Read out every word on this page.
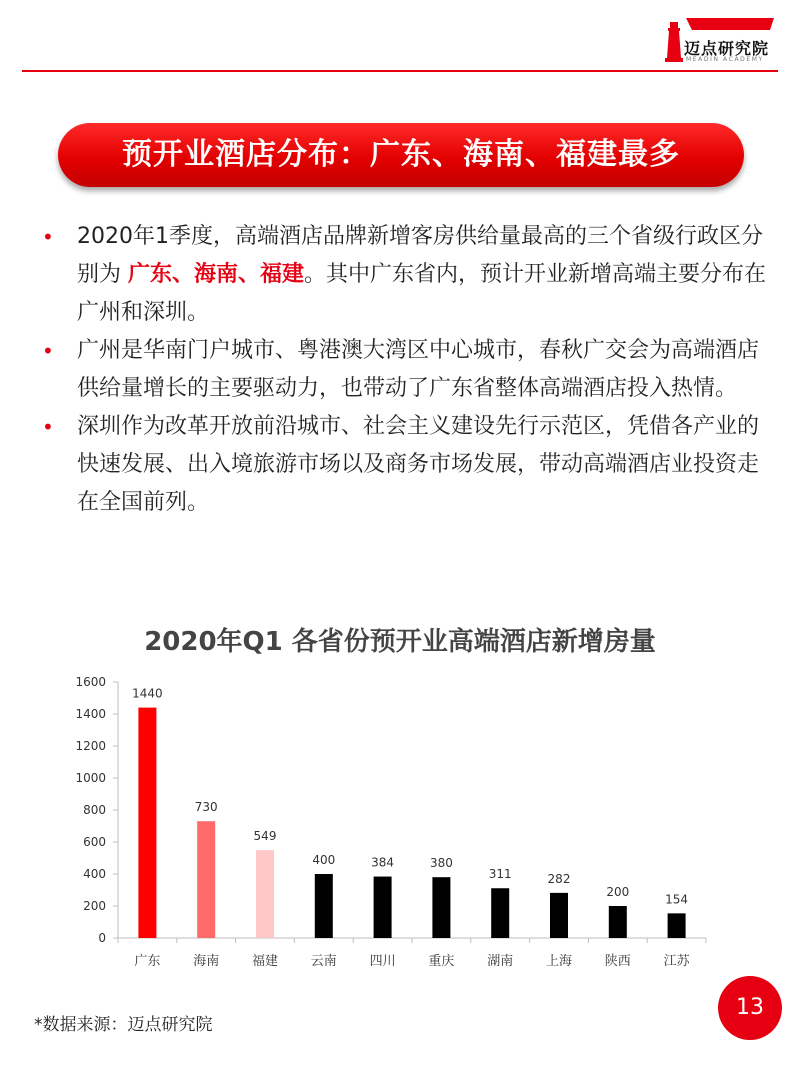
迈点研究院
MEADIN ACADEMY
预开业酒店分布：广东、海南、福建最多
• 2020年1季度，高端酒店品牌新增客房供给量最高的三个省级行政区分别为 广东、海南、福建。其中广东省内，预计开业新增高端主要分布在广州和深圳。
• 广州是华南门户城市、粤港澳大湾区中心城市，春秋广交会为高端酒店供给量增长的主要驱动力，也带动了广东省整体高端酒店投入热情。
• 深圳作为改革开放前沿城市、社会主义建设先行示范区，凭借各产业的快速发展、出入境旅游市场以及商务市场发展，带动高端酒店业投资走在全国前列。
2020年Q1 各省份预开业高端酒店新增房量
0
200
400
600
800
1000
1200
1400
1600
1440
广东
730
海南
549
福建
400
云南
384
四川
380
重庆
311
湖南
282
上海
200
陕西
154
江苏
*数据来源：迈点研究院
13
